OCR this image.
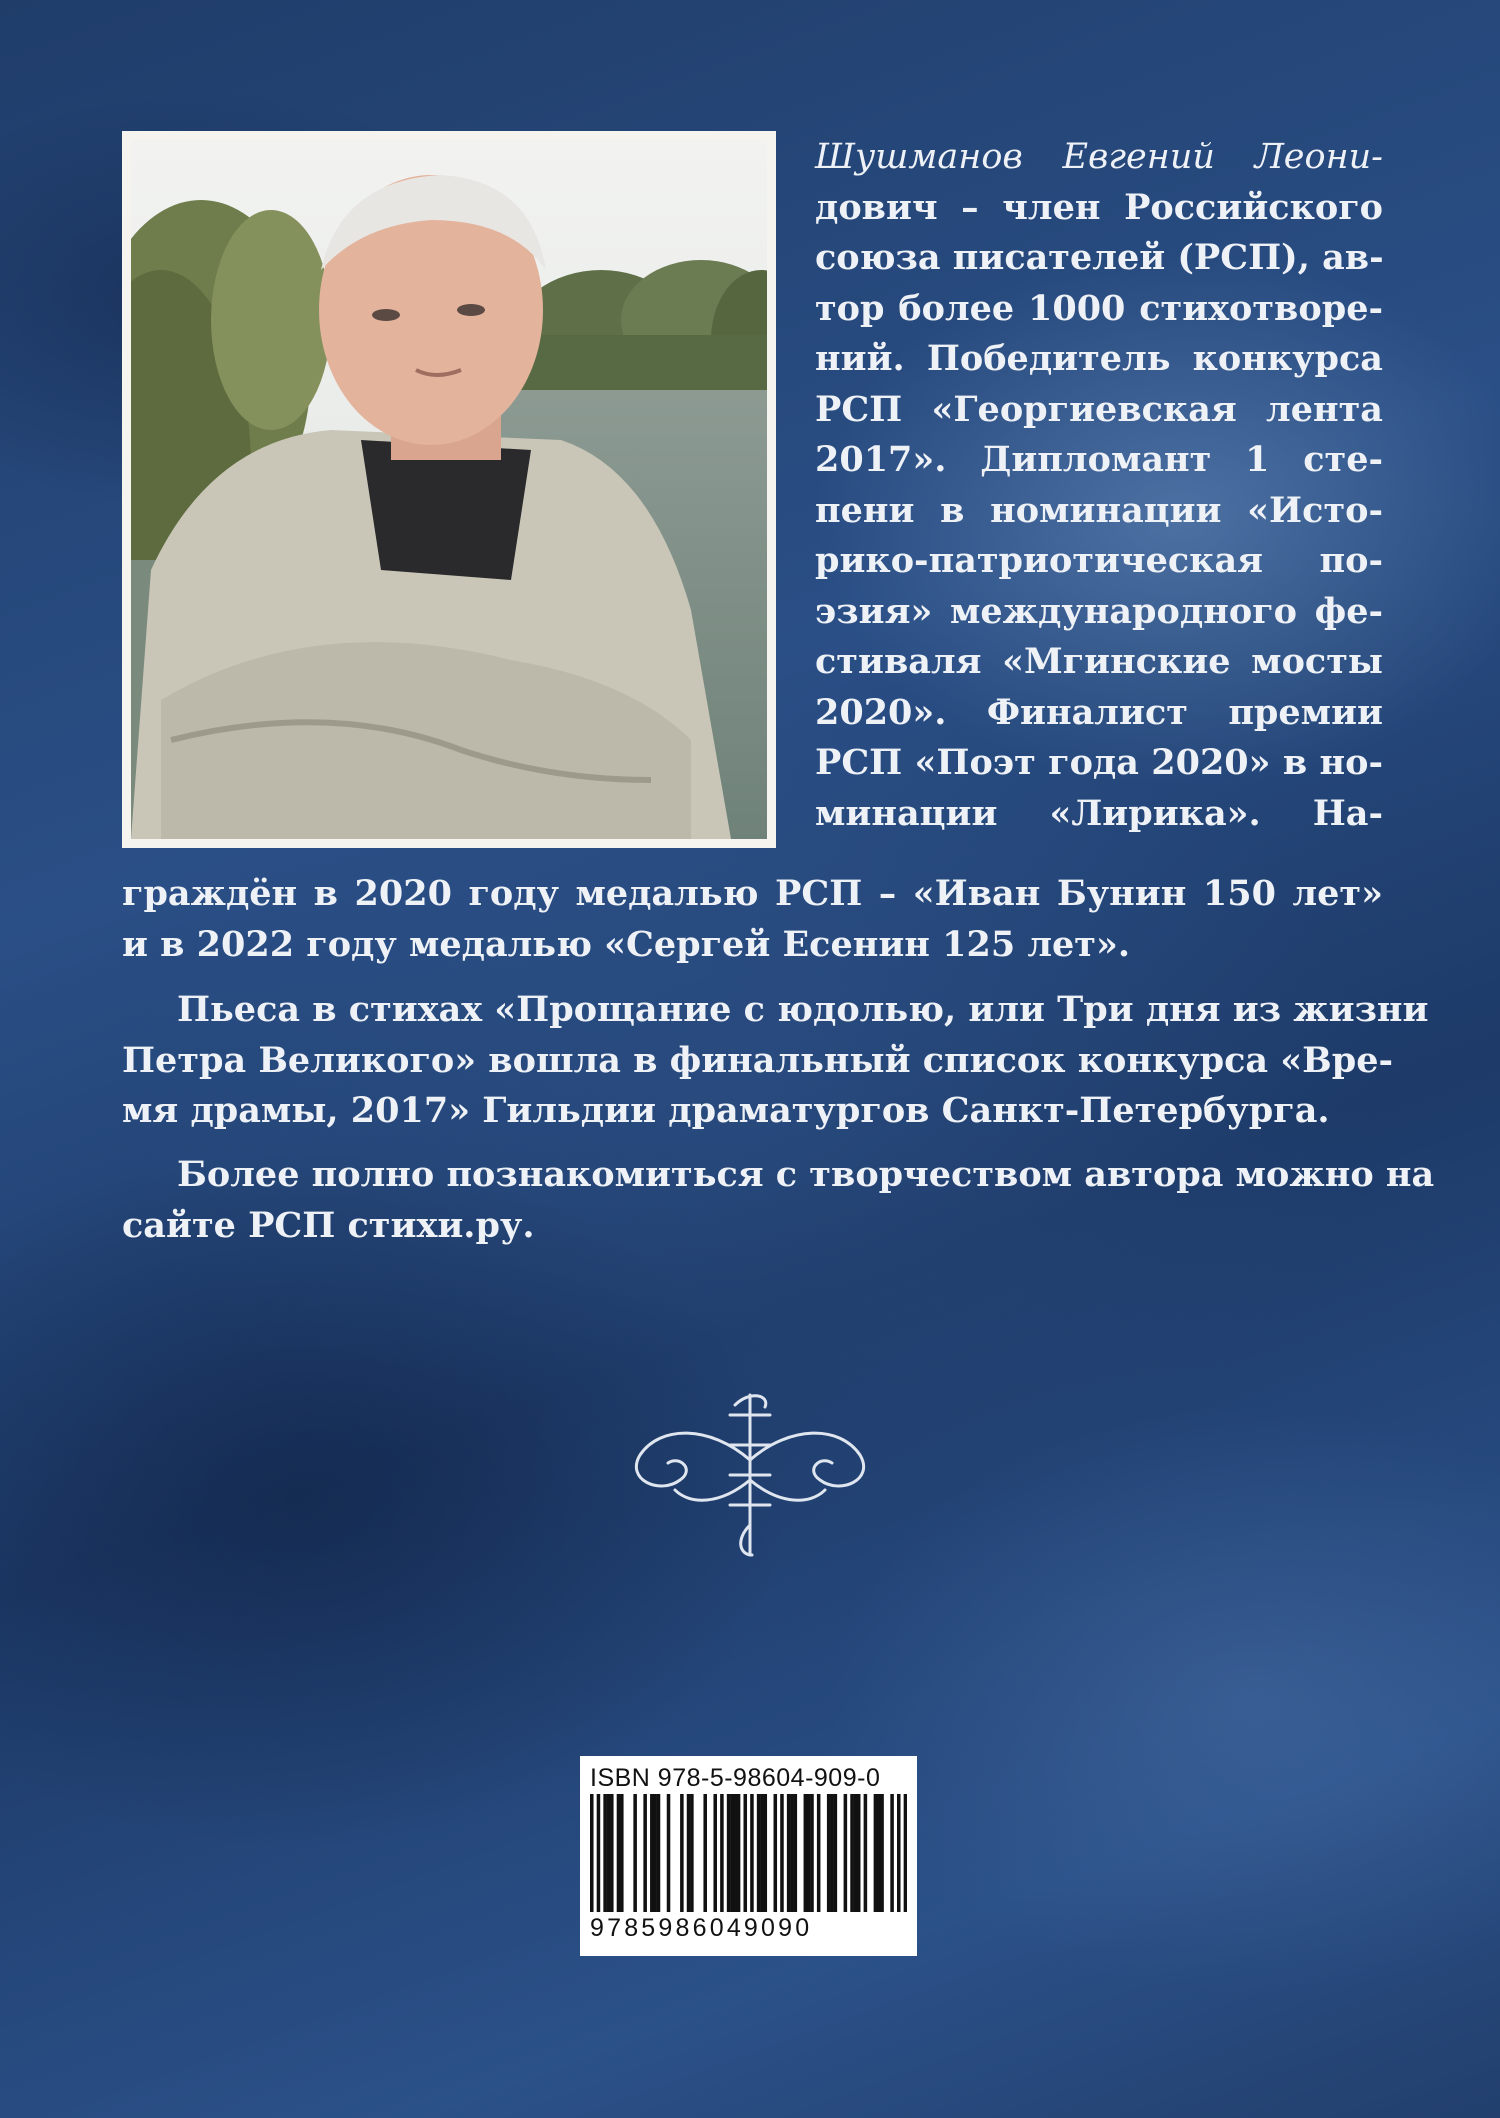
Шушманов Евгений Леони-
дович – член Российского
союза писателей (РСП), ав-
тор более 1000 стихотворе-
ний. Победитель конкурса
РСП «Георгиевская лента
2017». Дипломант 1 сте-
пени в номинации «Исто-
рико-патриотическая по-
эзия» международного фе-
стиваля «Мгинские мосты
2020». Финалист премии
РСП «Поэт года 2020» в но-
минации «Лирика». На-
граждён в 2020 году медалью РСП – «Иван Бунин 150 лет»
и в 2022 году медалью «Сергей Есенин 125 лет».
Пьеса в стихах «Прощание с юдолью, или Три дня из жизни
Петра Великого» вошла в финальный список конкурса «Вре-
мя драмы, 2017» Гильдии драматургов Санкт-Петербурга.
Более полно познакомиться с творчеством автора можно на
сайте РСП стихи.ру.
ISBN 978-5-98604-909-0
9785986049090
